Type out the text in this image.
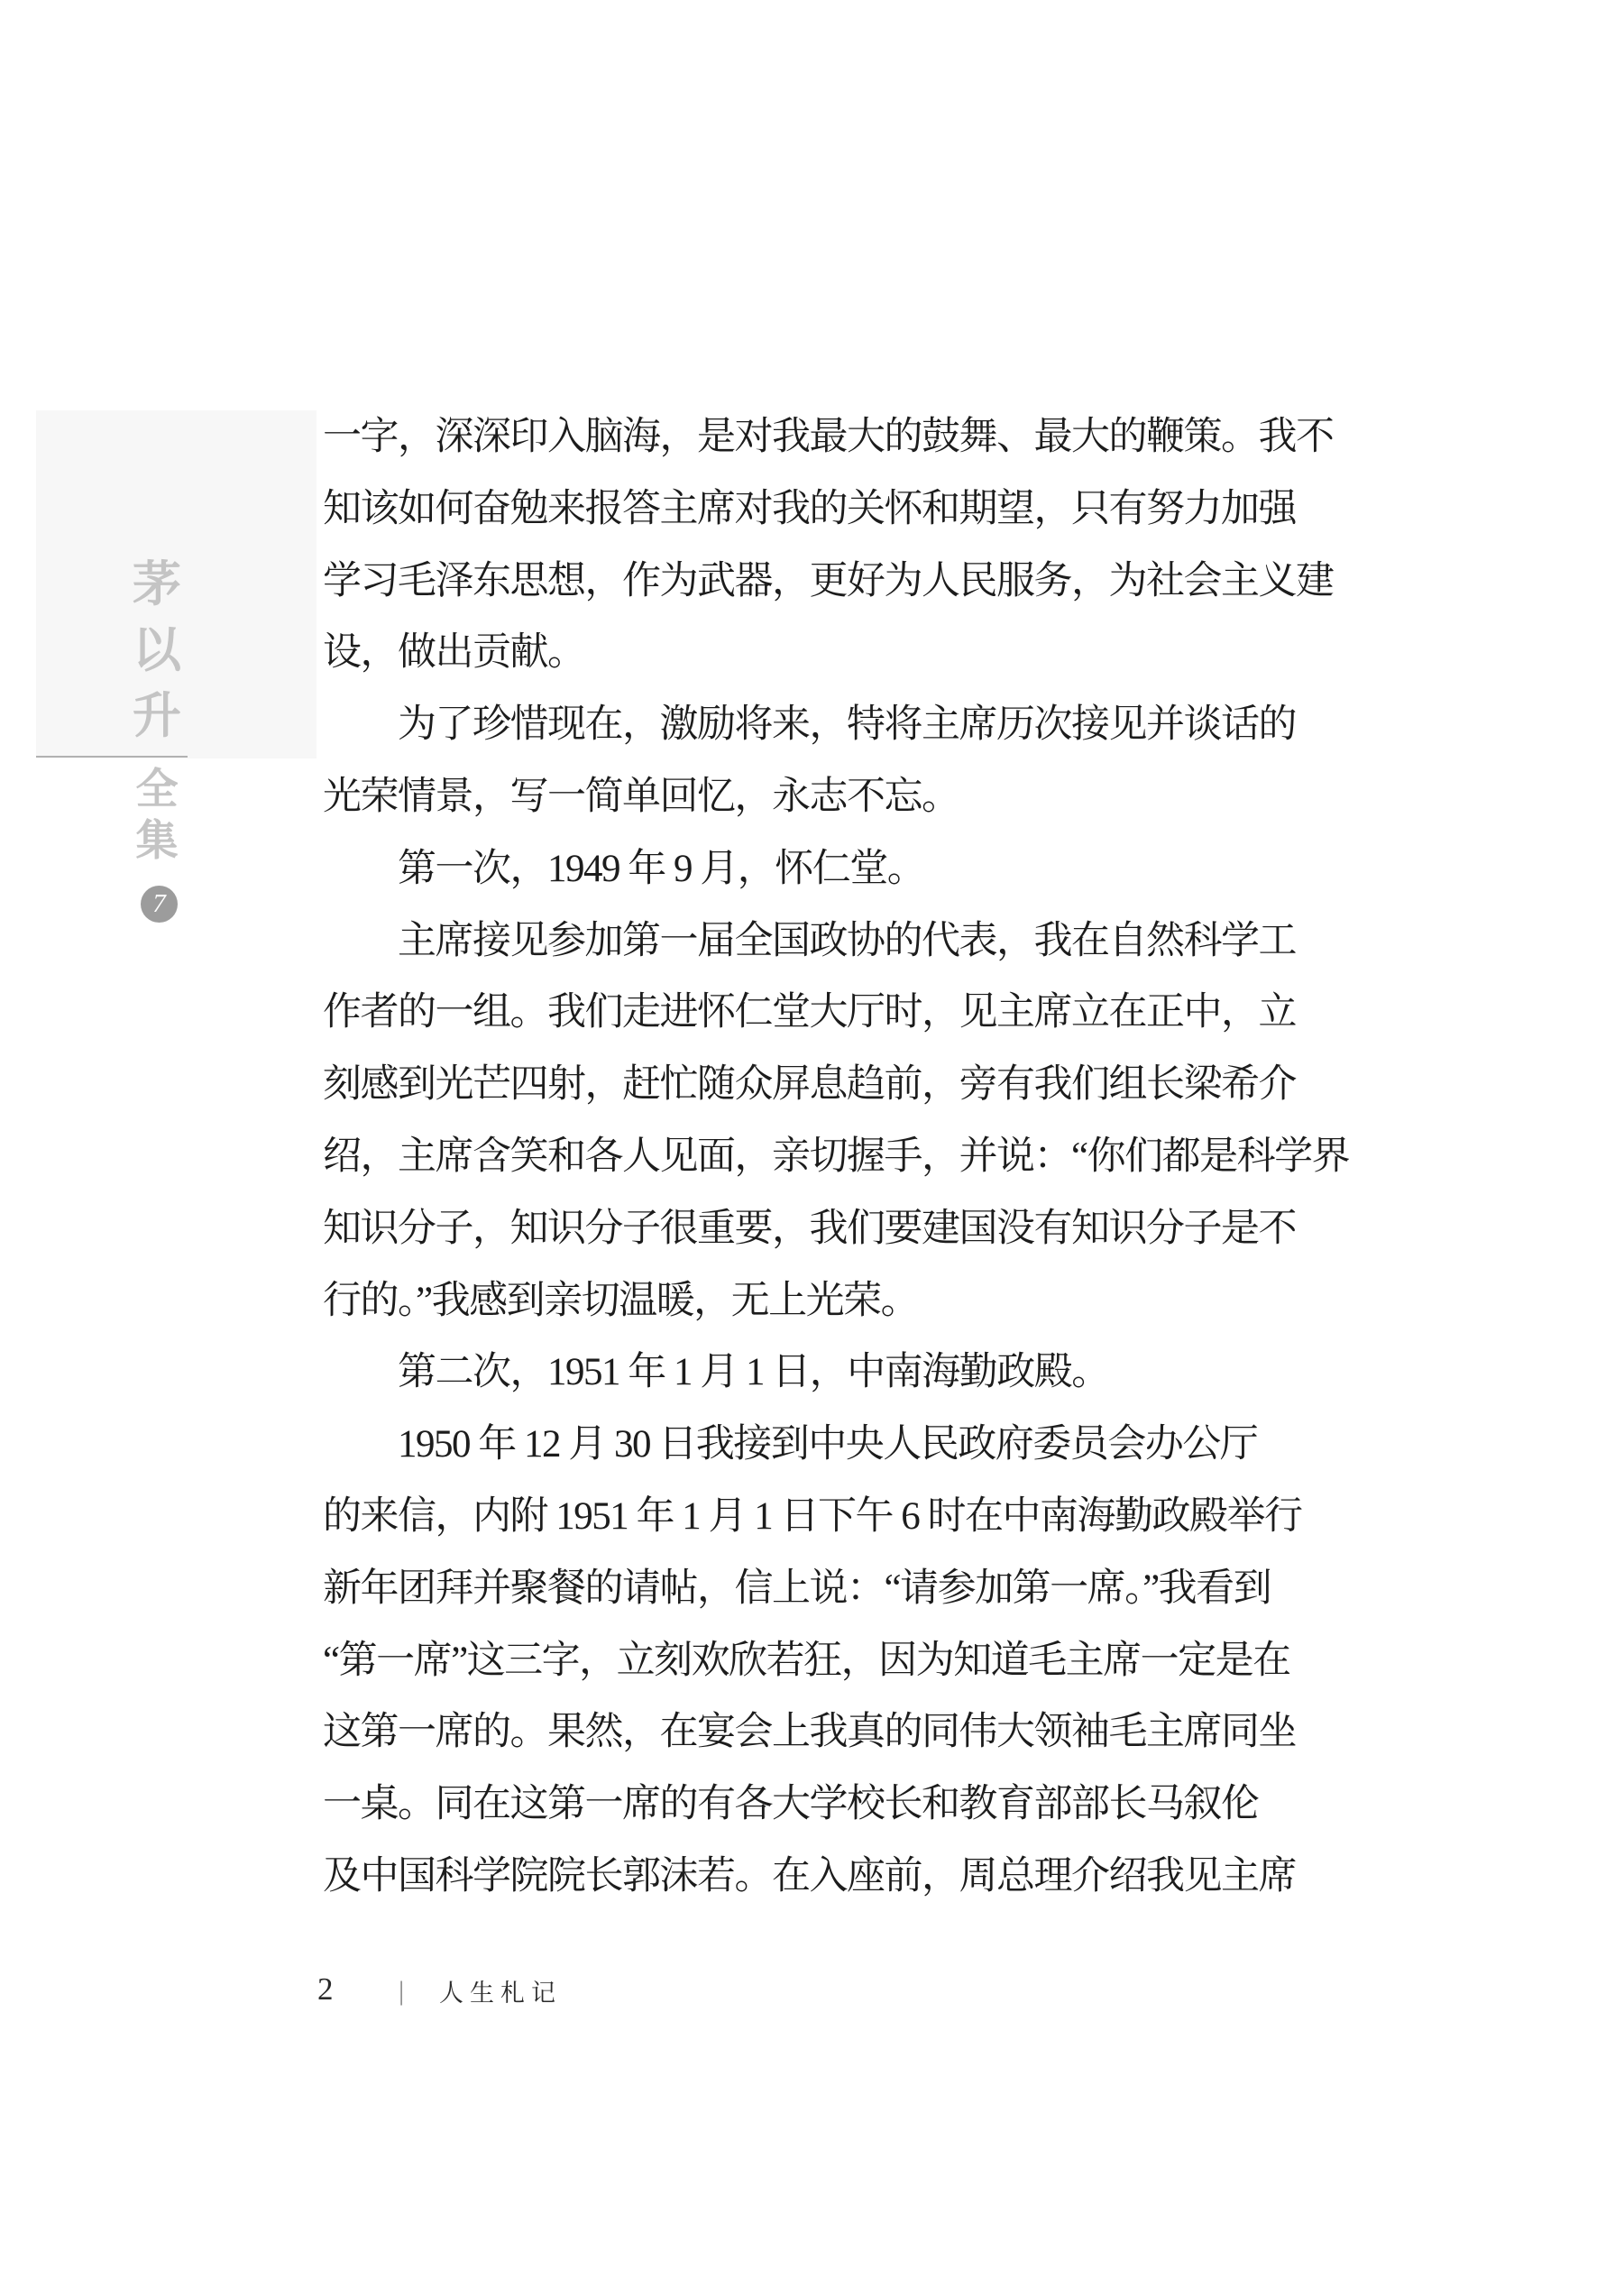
茅
以
升
全
集
7
一字，深深印入脑海，是对我最大的鼓舞、最大的鞭策。我不
知该如何奋勉来报答主席对我的关怀和期望，只有努力加强
学习毛泽东思想，作为武器，更好为人民服务，为社会主义建
设，做出贡献。
为了珍惜现在，激励将来，特将主席历次接见并谈话的
光荣情景，写一简单回忆，永志不忘。
第一次，1949 年 9 月，怀仁堂。
主席接见参加第一届全国政协的代表，我在自然科学工
作者的一组。我们走进怀仁堂大厅时，见主席立在正中，立
刻感到光芒四射，赶忙随众屏息趋前，旁有我们组长梁希介
绍，主席含笑和各人见面，亲切握手，并说：“你们都是科学界
知识分子，知识分子很重要，我们要建国没有知识分子是不
行的。”我感到亲切温暖，无上光荣。
第二次，1951 年 1 月 1 日，中南海勤政殿。
1950 年 12 月 30 日我接到中央人民政府委员会办公厅
的来信，内附 1951 年 1 月 1 日下午 6 时在中南海勤政殿举行
新年团拜并聚餐的请帖，信上说：“请参加第一席。”我看到
“第一席”这三字，立刻欢欣若狂，因为知道毛主席一定是在
这第一席的。果然，在宴会上我真的同伟大领袖毛主席同坐
一桌。同在这第一席的有各大学校长和教育部部长马叙伦
及中国科学院院长郭沫若。在入座前，周总理介绍我见主席
2 | 人生札记
